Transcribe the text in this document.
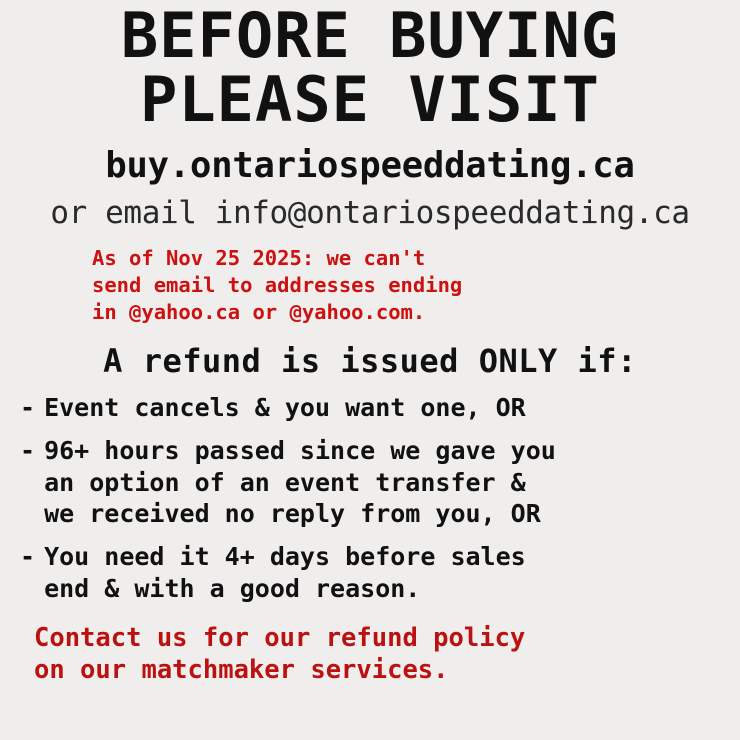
BEFORE BUYING
PLEASE VISIT
buy.ontariospeeddating.ca
or email info@ontariospeeddating.ca
As of Nov 25 2025: we can't
send email to addresses ending
in @yahoo.ca or @yahoo.com.
A refund is issued ONLY if:
- Event cancels & you want one, OR
- 96+ hours passed since we gave you
an option of an event transfer &
we received no reply from you, OR
- You need it 4+ days before sales
end & with a good reason.
Contact us for our refund policy
on our matchmaker services.
